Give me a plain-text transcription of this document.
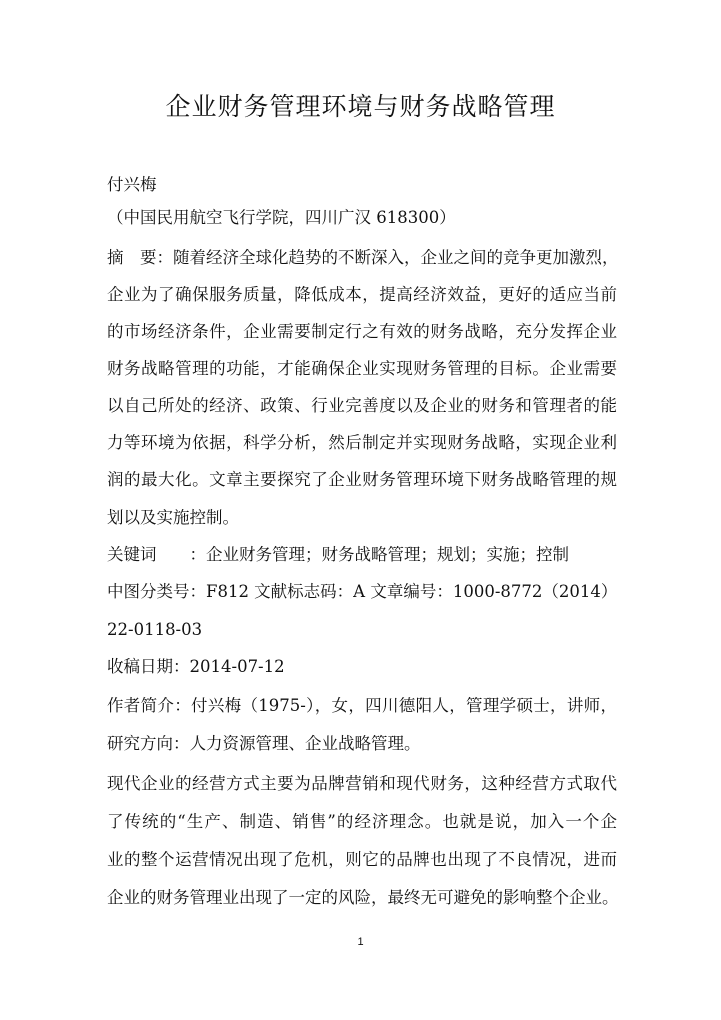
企业财务管理环境与财务战略管理
付兴梅
（中国民用航空飞行学院，四川广汉 618300）
摘　要：随着经济全球化趋势的不断深入，企业之间的竞争更加激烈，
企业为了确保服务质量，降低成本，提高经济效益，更好的适应当前
的市场经济条件，企业需要制定行之有效的财务战略，充分发挥企业
财务战略管理的功能，才能确保企业实现财务管理的目标。企业需要
以自己所处的经济、政策、行业完善度以及企业的财务和管理者的能
力等环境为依据，科学分析，然后制定并实现财务战略，实现企业利
润的最大化。文章主要探究了企业财务管理环境下财务战略管理的规
划以及实施控制。
关键词　　：企业财务管理；财务战略管理；规划；实施；控制
中图分类号：F812 文献标志码：A 文章编号：1000-8772（2014）
22-0118-03
收稿日期：2014-07-12
作者简介：付兴梅（1975-），女，四川德阳人，管理学硕士，讲师，
研究方向：人力资源管理、企业战略管理。
现代企业的经营方式主要为品牌营销和现代财务，这种经营方式取代
了传统的“生产、制造、销售”的经济理念。也就是说，加入一个企
业的整个运营情况出现了危机，则它的品牌也出现了不良情况，进而
企业的财务管理业出现了一定的风险，最终无可避免的影响整个企业。
1
